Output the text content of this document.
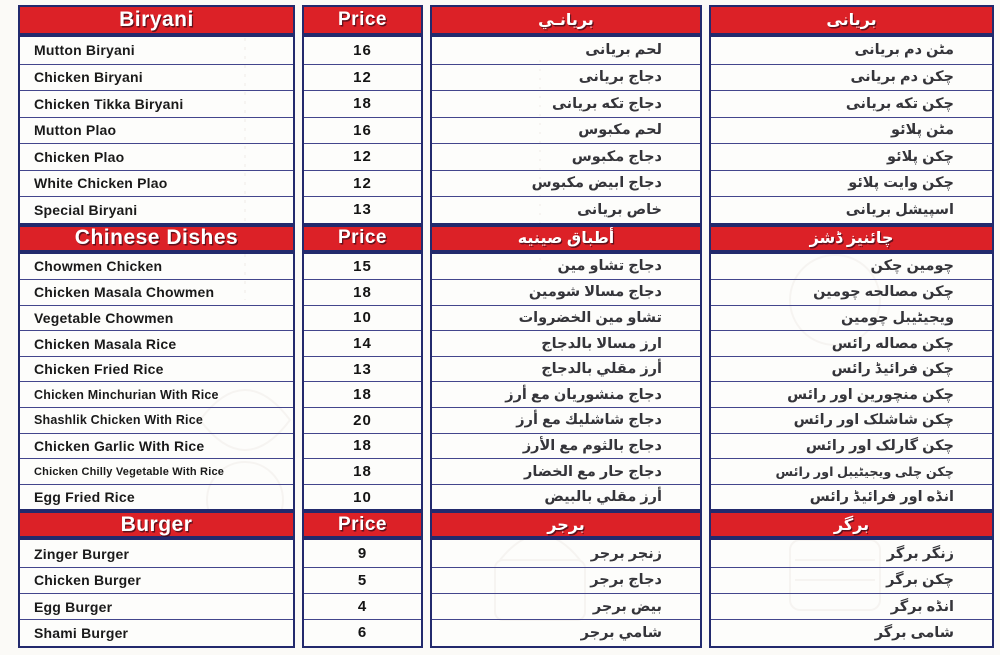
Biryani
Mutton Biryani
Chicken Biryani
Chicken Tikka Biryani
Mutton Plao
Chicken Plao
White Chicken Plao
Special Biryani
Chinese Dishes
Chowmen Chicken
Chicken Masala Chowmen
Vegetable Chowmen
Chicken Masala Rice
Chicken Fried Rice
Chicken Minchurian With Rice
Shashlik Chicken With Rice
Chicken Garlic With Rice
Chicken Chilly Vegetable With Rice
Egg Fried Rice
Burger
Zinger Burger
Chicken Burger
Egg Burger
Shami Burger
Price
16
12
18
16
12
12
13
Price
15
18
10
14
13
18
20
18
18
10
Price
9
5
4
6
بريانـي
لحم بريانى
دجاج بريانى
دجاج تكه بريانى
لحم مكبوس
دجاج مكبوس
دجاج ابيض مكبوس
خاص بريانى
أطباق صينيه
دجاج تشاو مين
دجاج مسالا شومين
تشاو مين الخضروات
ارز مسالا بالدجاج
أرز مقلي بالدجاج
دجاج منشوريان مع أرز
دجاج شاشليك مع أرز
دجاج بالثوم مع الأرز
دجاج حار مع الخضار
أرز مقلي بالبيض
برجر
زنجر برجر
دجاج برجر
بيض برجر
شامي برجر
بریانی
مٹن دم بریانی
چکن دم بریانی
چکن تکه بریانی
مٹن پلائو
چکن پلائو
چکن وایت پلائو
اسپیشل بریانی
چائنیز ڈشز
چومین چکن
چکن مصالحه چومین
ویجیٹیبل چومین
چکن مصاله رائس
چکن فرائیڈ رائس
چکن منچورین اور رائس
چکن شاشلک اور رائس
چکن گارلک اور رائس
چکن چلی ویجیٹیبل اور رائس
انڈه اور فرائیڈ رائس
برگر
زنگر برگر
چکن برگر
انڈه برگر
شامی برگر
